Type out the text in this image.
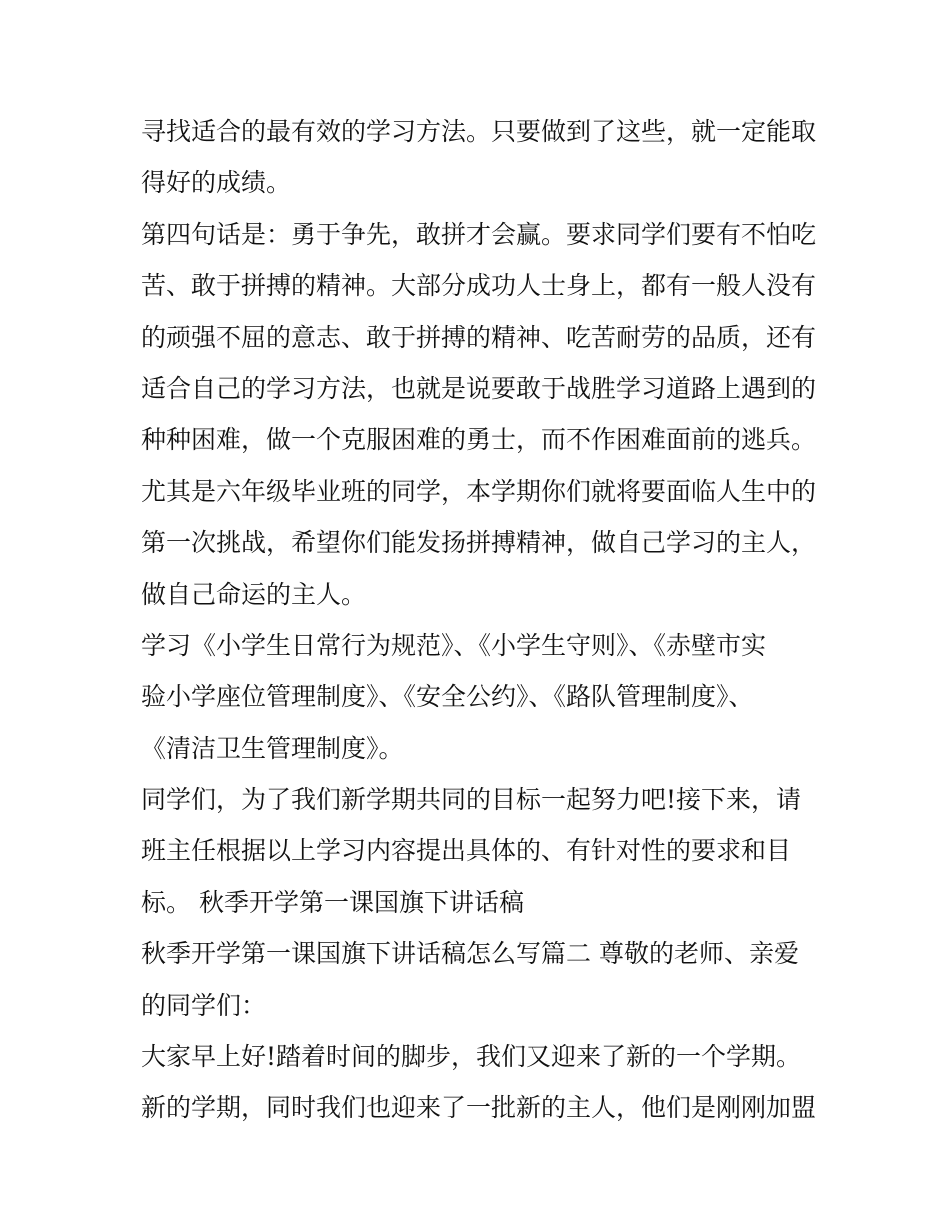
寻找适合的最有效的学习方法。只要做到了这些，就一定能取
得好的成绩。
第四句话是：勇于争先，敢拼才会赢。要求同学们要有不怕吃
苦、敢于拼搏的精神。大部分成功人士身上，都有一般人没有
的顽强不屈的意志、敢于拼搏的精神、吃苦耐劳的品质，还有
适合自己的学习方法，也就是说要敢于战胜学习道路上遇到的
种种困难，做一个克服困难的勇士，而不作困难面前的逃兵。
尤其是六年级毕业班的同学，本学期你们就将要面临人生中的
第一次挑战，希望你们能发扬拼搏精神，做自己学习的主人，
做自己命运的主人。
学习《小学生日常行为规范》、《小学生守则》、《赤壁市实
验小学座位管理制度》、《安全公约》、《路队管理制度》、
《清洁卫生管理制度》。
同学们，为了我们新学期共同的目标一起努力吧!接下来，请
班主任根据以上学习内容提出具体的、有针对性的要求和目
标。 秋季开学第一课国旗下讲话稿
秋季开学第一课国旗下讲话稿怎么写篇二 尊敬的老师、亲爱
的同学们：
大家早上好!踏着时间的脚步，我们又迎来了新的一个学期。
新的学期，同时我们也迎来了一批新的主人，他们是刚刚加盟
